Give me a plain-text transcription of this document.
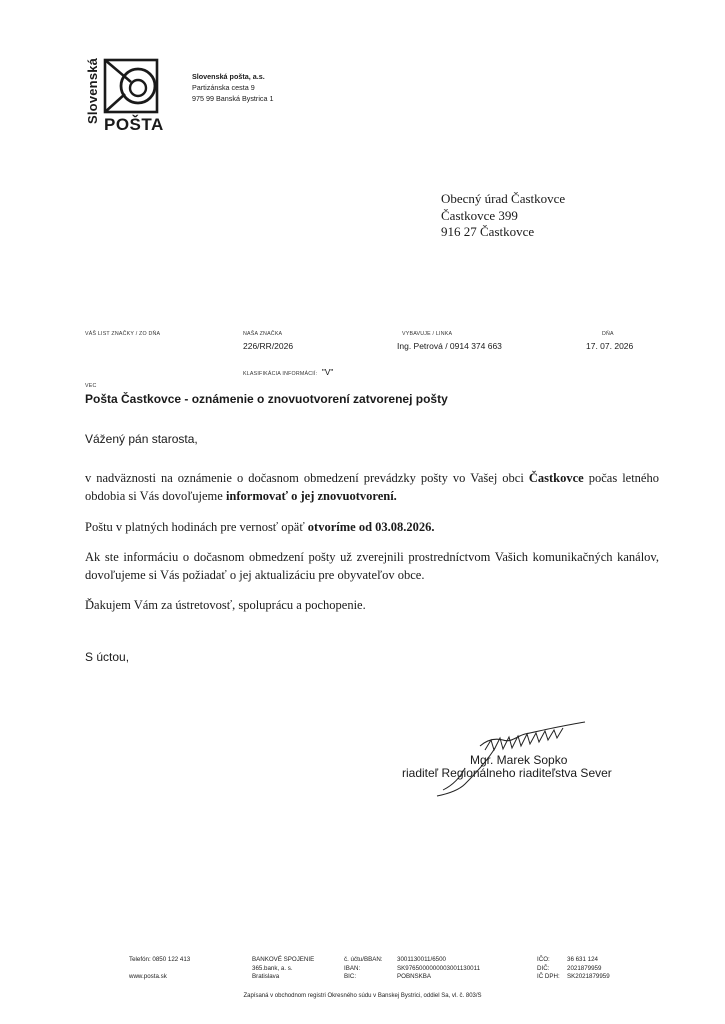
Slovenská
POŠTA
Slovenská pošta, a.s.
Partizánska cesta 9
975 99 Banská Bystrica 1
Obecný úrad Častkovce
Častkovce 399
916 27 Častkovce
VÁŠ LIST ZNAČKY / ZO DŇA	NAŠA ZNAČKA
226/RR/2026
VYBAVUJE / LINKA
Ing. Petrová / 0914 374 663
DŇA
17. 07. 2026
KLASIFIKÁCIA INFORMÁCIÍ: "V"
VEC
Pošta Častkovce - oznámenie o znovuotvorení zatvorenej pošty
Vážený pán starosta,
v nadväznosti na oznámenie o dočasnom obmedzení prevádzky pošty vo Vašej obci Častkovce počas letného obdobia si Vás dovoľujeme informovať o jej znovuotvorení.
Poštu v platných hodinách pre vernosť opäť otvoríme od 03.08.2026.
Ak ste informáciu o dočasnom obmedzení pošty už zverejnili prostredníctvom Vašich komunikačných kanálov, dovoľujeme si Vás požiadať o jej aktualizáciu pre obyvateľov obce.
Ďakujem Vám za ústretovosť, spoluprácu a pochopenie.
S úctou,
Mgr. Marek Sopko
riaditeľ Regionálneho riaditeľstva Sever
Telefón: 0850 122 413
www.posta.sk
BANKOVÉ SPOJENIE
365.bank, a. s.
Bratislava
č. účtu/BBAN:
IBAN:
BIC:
3001130011/6500
SK9765000000003001130011
POBNSKBA
IČO:
DIČ:
IČ DPH:
36 631 124
2021879959
SK2021879959
Zapísaná v obchodnom registri Okresného súdu v Banskej Bystrici, oddiel Sa, vl. č. 803/S
